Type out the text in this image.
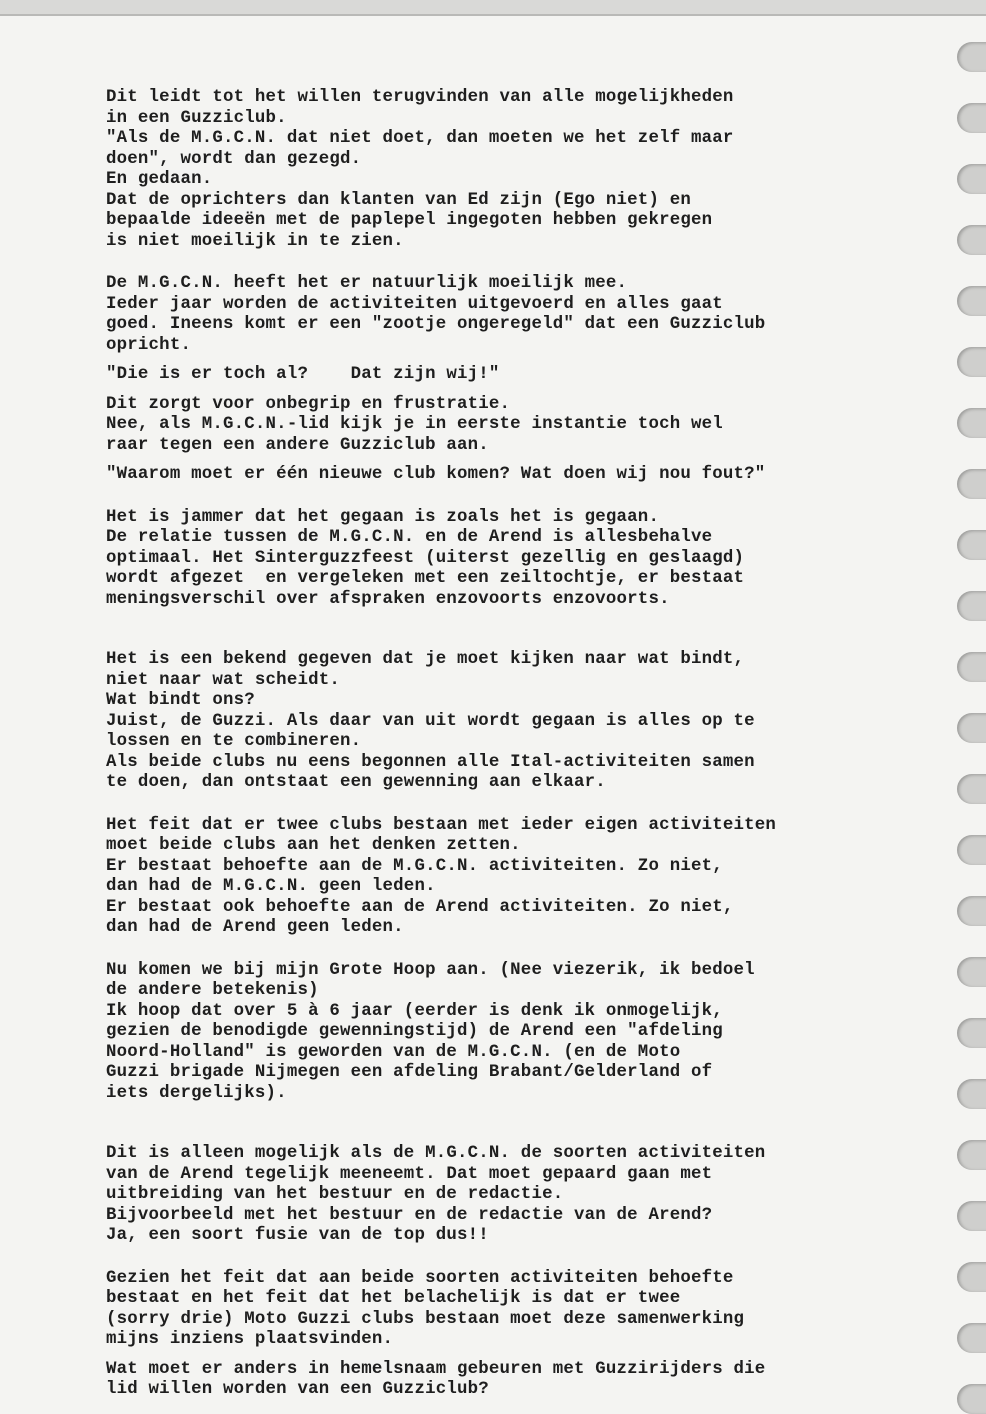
Dit leidt tot het willen terugvinden van alle mogelijkheden
in een Guzziclub.
"Als de M.G.C.N. dat niet doet, dan moeten we het zelf maar
doen", wordt dan gezegd.
En gedaan.
Dat de oprichters dan klanten van Ed zijn (Ego niet) en
bepaalde ideeën met de paplepel ingegoten hebben gekregen
is niet moeilijk in te zien.
De M.G.C.N. heeft het er natuurlijk moeilijk mee.
Ieder jaar worden de activiteiten uitgevoerd en alles gaat
goed. Ineens komt er een "zootje ongeregeld" dat een Guzziclub
opricht.
"Die is er toch al?    Dat zijn wij!"
Dit zorgt voor onbegrip en frustratie.
Nee, als M.G.C.N.-lid kijk je in eerste instantie toch wel
raar tegen een andere Guzziclub aan.
"Waarom moet er één nieuwe club komen? Wat doen wij nou fout?"
Het is jammer dat het gegaan is zoals het is gegaan.
De relatie tussen de M.G.C.N. en de Arend is allesbehalve
optimaal. Het Sinterguzzfeest (uiterst gezellig en geslaagd)
wordt afgezet  en vergeleken met een zeiltochtje, er bestaat
meningsverschil over afspraken enzovoorts enzovoorts.
Het is een bekend gegeven dat je moet kijken naar wat bindt,
niet naar wat scheidt.
Wat bindt ons?
Juist, de Guzzi. Als daar van uit wordt gegaan is alles op te
lossen en te combineren.
Als beide clubs nu eens begonnen alle Ital-activiteiten samen
te doen, dan ontstaat een gewenning aan elkaar.
Het feit dat er twee clubs bestaan met ieder eigen activiteiten
moet beide clubs aan het denken zetten.
Er bestaat behoefte aan de M.G.C.N. activiteiten. Zo niet,
dan had de M.G.C.N. geen leden.
Er bestaat ook behoefte aan de Arend activiteiten. Zo niet,
dan had de Arend geen leden.
Nu komen we bij mijn Grote Hoop aan. (Nee viezerik, ik bedoel
de andere betekenis)
Ik hoop dat over 5 à 6 jaar (eerder is denk ik onmogelijk,
gezien de benodigde gewenningstijd) de Arend een "afdeling
Noord-Holland" is geworden van de M.G.C.N. (en de Moto
Guzzi brigade Nijmegen een afdeling Brabant/Gelderland of
iets dergelijks).
Dit is alleen mogelijk als de M.G.C.N. de soorten activiteiten
van de Arend tegelijk meeneemt. Dat moet gepaard gaan met
uitbreiding van het bestuur en de redactie.
Bijvoorbeeld met het bestuur en de redactie van de Arend?
Ja, een soort fusie van de top dus!!
Gezien het feit dat aan beide soorten activiteiten behoefte
bestaat en het feit dat het belachelijk is dat er twee
(sorry drie) Moto Guzzi clubs bestaan moet deze samenwerking
mijns inziens plaatsvinden.
Wat moet er anders in hemelsnaam gebeuren met Guzzirijders die
lid willen worden van een Guzziclub?
